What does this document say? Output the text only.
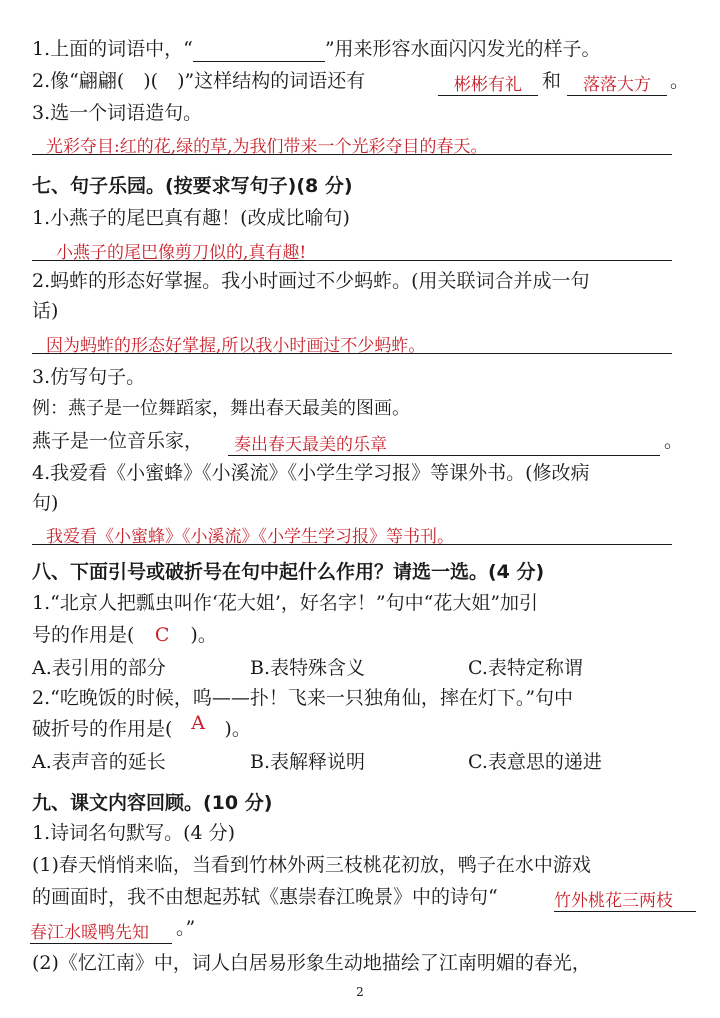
1.上面的词语中，“	”用来形容水面闪闪发光的样子。
2.像“翩翩(　)(　)”这样结构的词语还有	彬彬有礼	和	落落大方	。
3.选一个词语造句。
光彩夺目:红的花,绿的草,为我们带来一个光彩夺目的春天。
七、句子乐园。(按要求写句子)(8 分)
1.小燕子的尾巴真有趣！(改成比喻句)
小燕子的尾巴像剪刀似的,真有趣!
2.蚂蚱的形态好掌握。我小时画过不少蚂蚱。(用关联词合并成一句
话)
因为蚂蚱的形态好掌握,所以我小时画过不少蚂蚱。
3.仿写句子。
例：燕子是一位舞蹈家，舞出春天最美的图画。
燕子是一位音乐家，	奏出春天最美的乐章	。
4.我爱看《小蜜蜂》《小溪流》《小学生学习报》等课外书。(修改病
句)
我爱看《小蜜蜂》《小溪流》《小学生学习报》等书刊。
八、下面引号或破折号在句中起什么作用？请选一选。(4 分)
1.“北京人把瓢虫叫作‘花大姐’，好名字！”句中“花大姐”加引
号的作用是( C )。
A.表引用的部分	B.表特殊含义	C.表特定称谓
2.“吃晚饭的时候，呜——扑！飞来一只独角仙，摔在灯下。”句中
破折号的作用是( A )。
A.表声音的延长	B.表解释说明	C.表意思的递进
九、课文内容回顾。(10 分)
1.诗词名句默写。(4 分)
(1)春天悄悄来临，当看到竹林外两三枝桃花初放，鸭子在水中游戏
的画面时，我不由想起苏轼《惠崇春江晚景》中的诗句“	竹外桃花三两枝
春江水暖鸭先知	。”
(2)《忆江南》中，词人白居易形象生动地描绘了江南明媚的春光，
2
